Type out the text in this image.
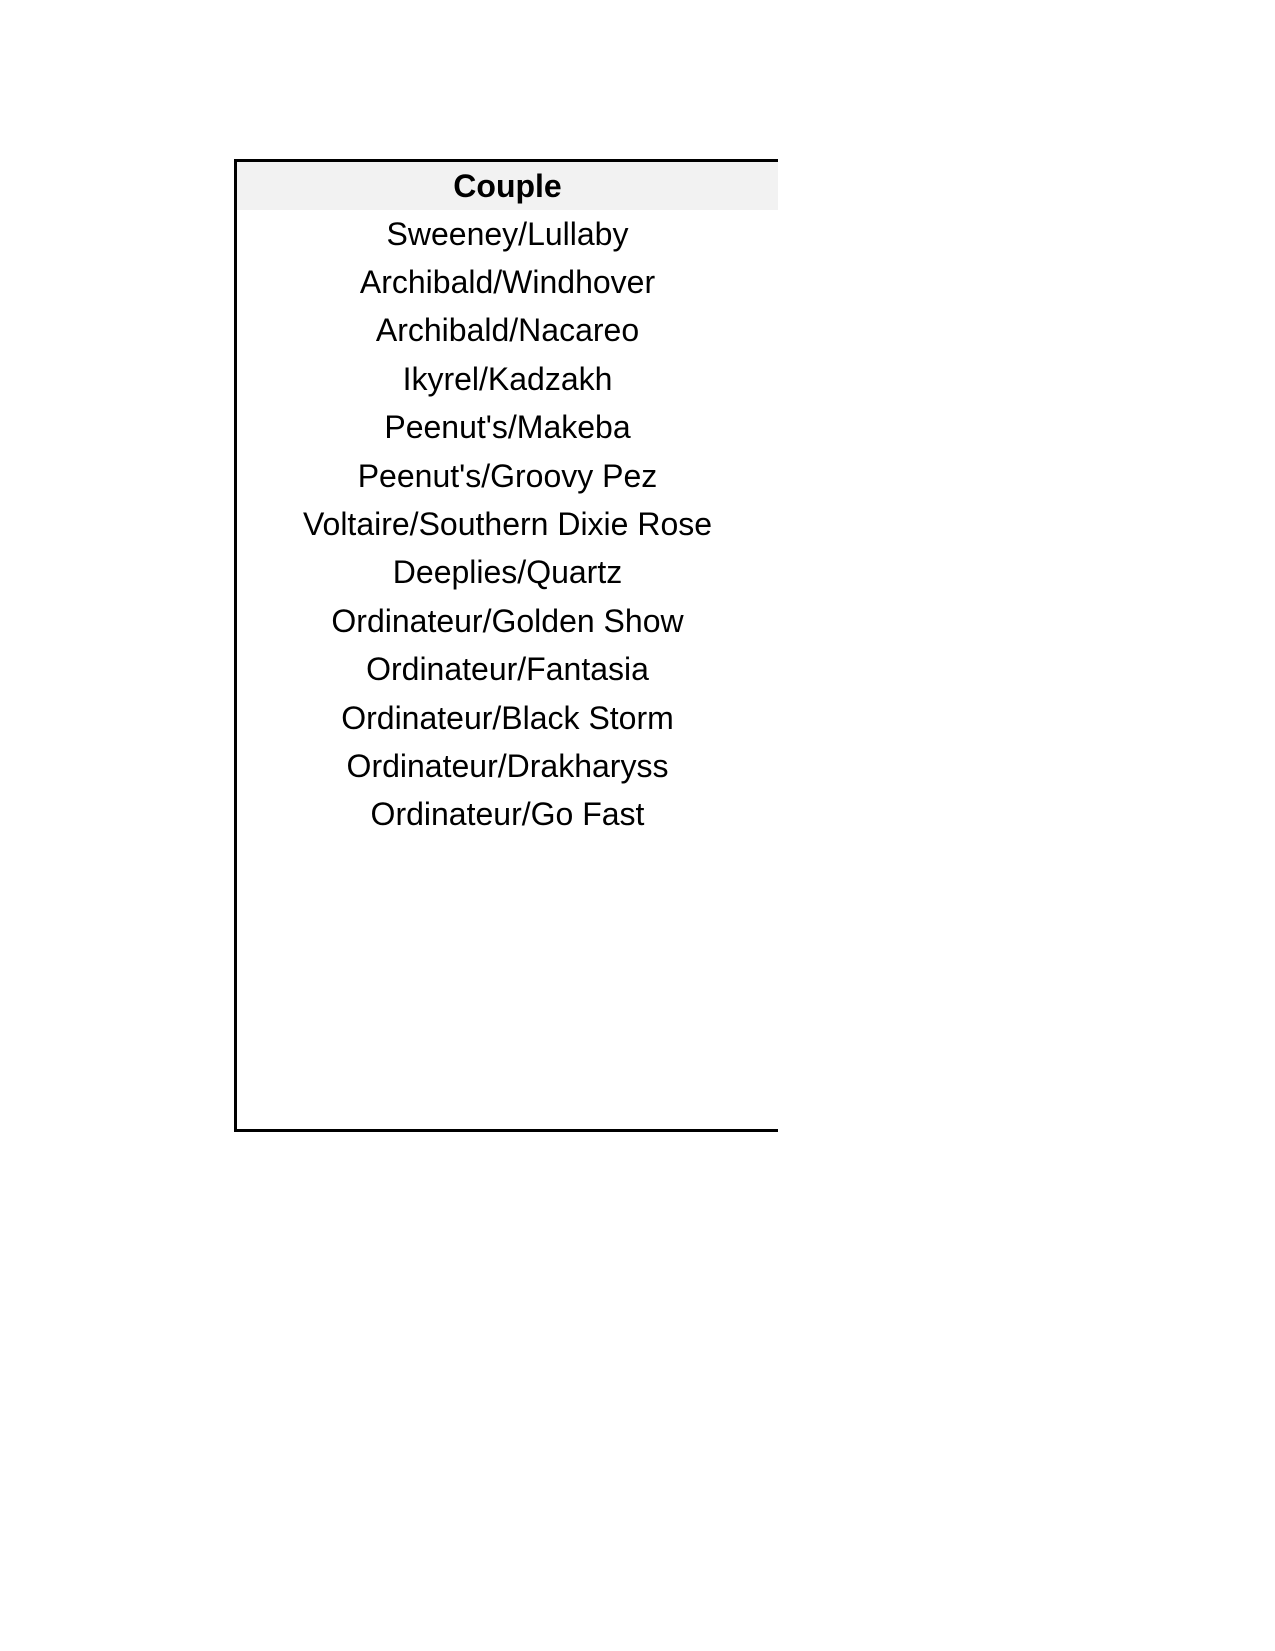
Couple
Sweeney/Lullaby
Archibald/Windhover
Archibald/Nacareo
Ikyrel/Kadzakh
Peenut's/Makeba
Peenut's/Groovy Pez
Voltaire/Southern Dixie Rose
Deeplies/Quartz
Ordinateur/Golden Show
Ordinateur/Fantasia
Ordinateur/Black Storm
Ordinateur/Drakharyss
Ordinateur/Go Fast
